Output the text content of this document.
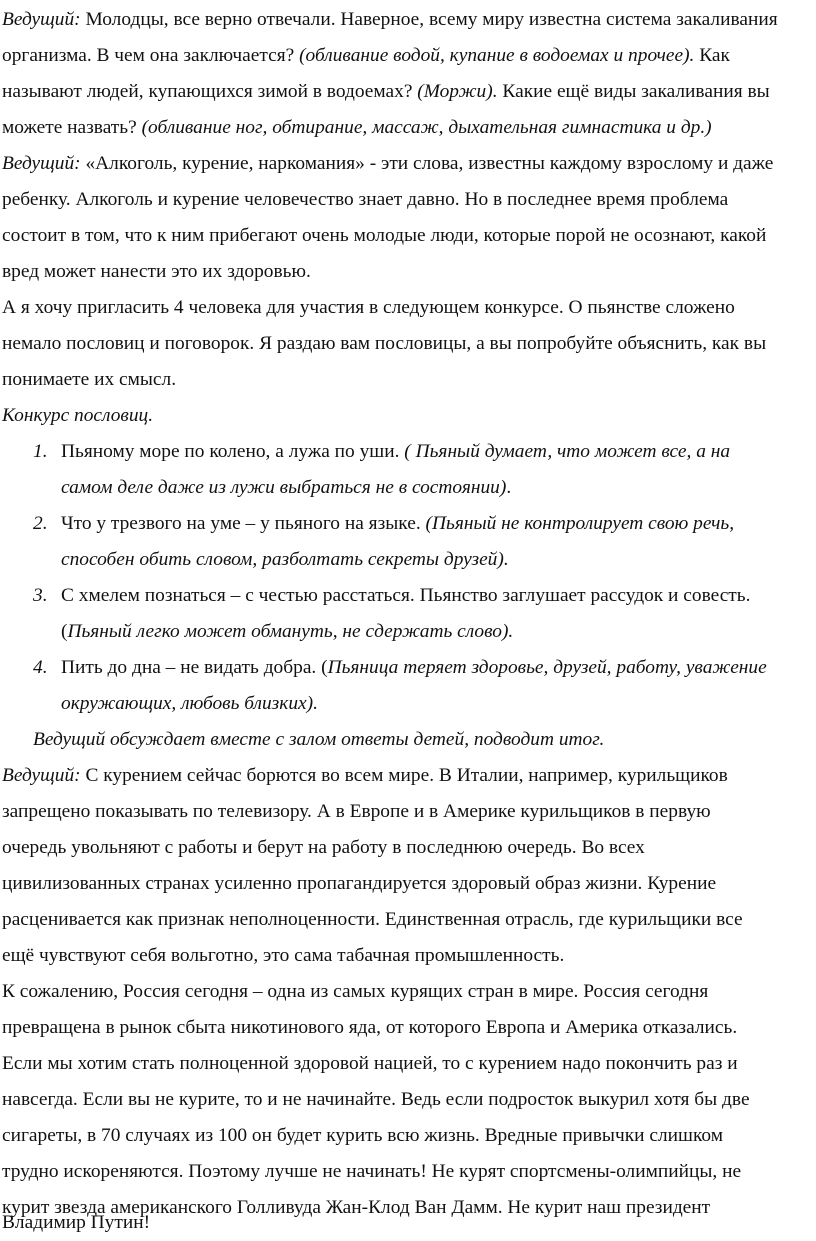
Ведущий: Молодцы, все верно отвечали. Наверное, всему миру известна система закаливания
организма. В чем она заключается? (обливание водой, купание в водоемах и прочее). Как
называют людей, купающихся зимой в водоемах? (Моржи). Какие ещё виды закаливания вы
можете назвать? (обливание ног, обтирание, массаж, дыхательная гимнастика и др.)
Ведущий: «Алкоголь, курение, наркомания» - эти слова, известны каждому взрослому и даже
ребенку. Алкоголь и курение человечество знает давно. Но в последнее время проблема
состоит в том, что к ним прибегают очень молодые люди, которые порой не осознают, какой
вред может нанести это их здоровью.
А я хочу пригласить 4 человека для участия в следующем конкурсе. О пьянстве сложено
немало пословиц и поговорок. Я раздаю вам пословицы, а вы попробуйте объяснить, как вы
понимаете их смысл.
Конкурс пословиц.
1. Пьяному море по колено, а лужа по уши. ( Пьяный думает, что может все, а на
самом деле даже из лужи выбраться не в состоянии).
2. Что у трезвого на уме – у пьяного на языке. (Пьяный не контролирует свою речь,
способен обить словом, разболтать секреты друзей).
3. С хмелем познаться – с честью расстаться. Пьянство заглушает рассудок и совесть.
(Пьяный легко может обмануть, не сдержать слово).
4. Пить до дна – не видать добра. (Пьяница теряет здоровье, друзей, работу, уважение
окружающих, любовь близких).
Ведущий обсуждает вместе с залом ответы детей, подводит итог.
Ведущий: С курением сейчас борются во всем мире. В Италии, например, курильщиков
запрещено показывать по телевизору. А в Европе и в Америке курильщиков в первую
очередь увольняют с работы и берут на работу в последнюю очередь. Во всех
цивилизованных странах усиленно пропагандируется здоровый образ жизни. Курение
расценивается как признак неполноценности. Единственная отрасль, где курильщики все
ещё чувствуют себя вольготно, это сама табачная промышленность.
К сожалению, Россия сегодня – одна из самых курящих стран в мире. Россия сегодня
превращена в рынок сбыта никотинового яда, от которого Европа и Америка отказались.
Если мы хотим стать полноценной здоровой нацией, то с курением надо покончить раз и
навсегда. Если вы не курите, то и не начинайте. Ведь если подросток выкурил хотя бы две
сигареты, в 70 случаях из 100 он будет курить всю жизнь. Вредные привычки слишком
трудно искореняются. Поэтому лучше не начинать! Не курят спортсмены-олимпийцы, не
курит звезда американского Голливуда Жан-Клод Ван Дамм. Не курит наш президент
Владимир Путин!
